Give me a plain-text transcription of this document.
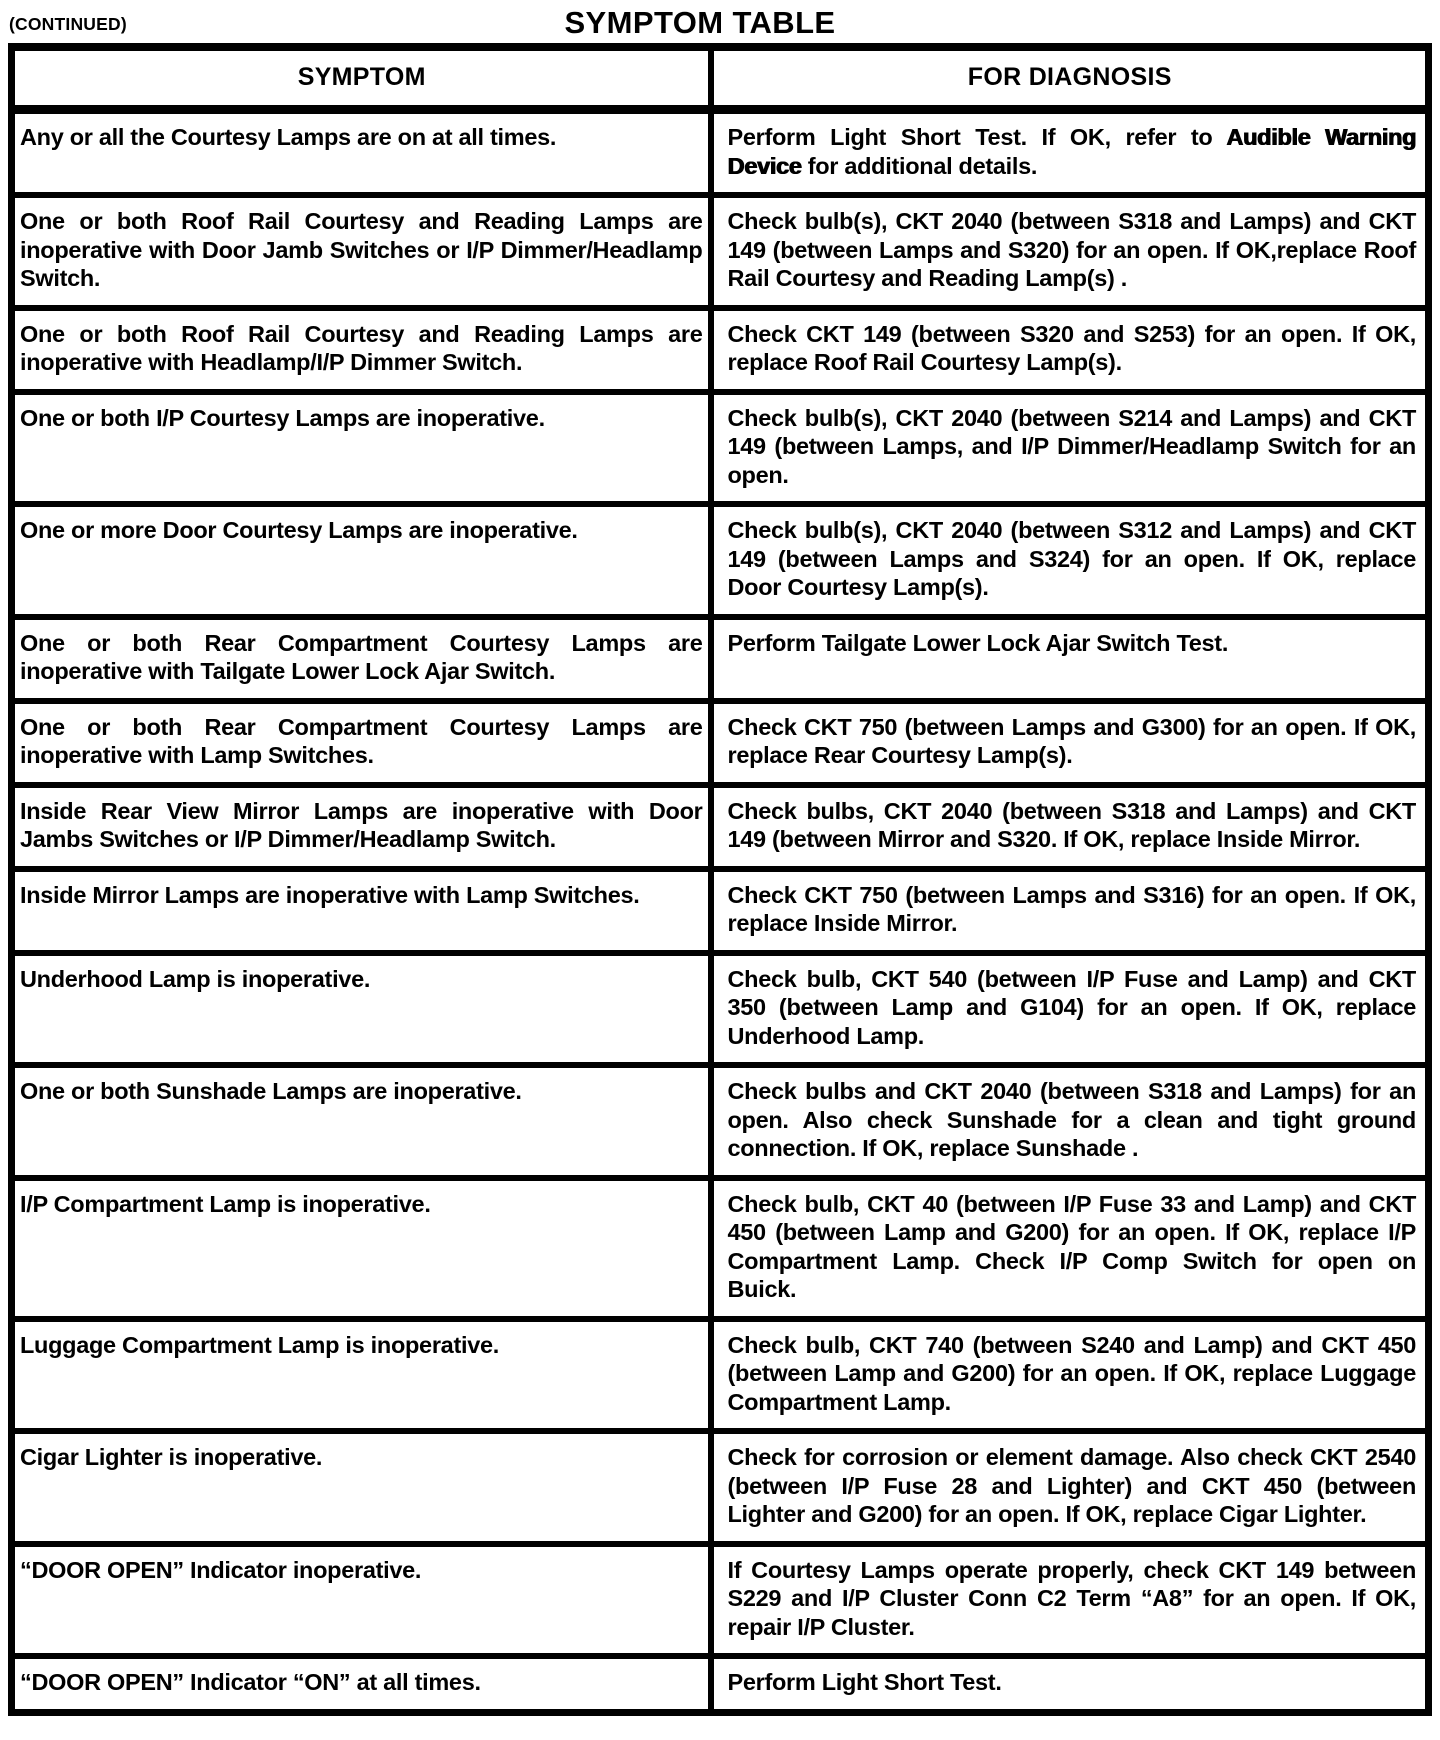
(CONTINUED)	SYMPTOM TABLE
SYMPTOM	FOR DIAGNOSIS
Any or all the Courtesy Lamps are on at all times.	Perform Light Short Test. If OK, refer to Audible Warning Device for additional details.
One or both Roof Rail Courtesy and Reading Lamps are inoperative with Door Jamb Switches or I/P Dimmer/Headlamp Switch.	Check bulb(s), CKT 2040 (between S318 and Lamps) and CKT 149 (between Lamps and S320) for an open. If OK,replace Roof Rail Courtesy and Reading Lamp(s) .
One or both Roof Rail Courtesy and Reading Lamps are inoperative with Headlamp/I/P Dimmer Switch.	Check CKT 149 (between S320 and S253) for an open. If OK, replace Roof Rail Courtesy Lamp(s).
One or both I/P Courtesy Lamps are inoperative.	Check bulb(s), CKT 2040 (between S214 and Lamps) and CKT 149 (between Lamps, and I/P Dimmer/Headlamp Switch for an open.
One or more Door Courtesy Lamps are inoperative.	Check bulb(s), CKT 2040 (between S312 and Lamps) and CKT 149 (between Lamps and S324) for an open. If OK, replace Door Courtesy Lamp(s).
One or both Rear Compartment Courtesy Lamps are inoperative with Tailgate Lower Lock Ajar Switch.	Perform Tailgate Lower Lock Ajar Switch Test.
One or both Rear Compartment Courtesy Lamps are inoperative with Lamp Switches.	Check CKT 750 (between Lamps and G300) for an open. If OK, replace Rear Courtesy Lamp(s).
Inside Rear View Mirror Lamps are inoperative with Door Jambs Switches or I/P Dimmer/Headlamp Switch.	Check bulbs, CKT 2040 (between S318 and Lamps) and CKT 149 (between Mirror and S320. If OK, replace Inside Mirror.
Inside Mirror Lamps are inoperative with Lamp Switches.	Check CKT 750 (between Lamps and S316) for an open. If OK, replace Inside Mirror.
Underhood Lamp is inoperative.	Check bulb, CKT 540 (between I/P Fuse and Lamp) and CKT 350 (between Lamp and G104) for an open. If OK, replace Underhood Lamp.
One or both Sunshade Lamps are inoperative.	Check bulbs and CKT 2040 (between S318 and Lamps) for an open. Also check Sunshade for a clean and tight ground connection. If OK, replace Sunshade .
I/P Compartment Lamp is inoperative.	Check bulb, CKT 40 (between I/P Fuse 33 and Lamp) and CKT 450 (between Lamp and G200) for an open. If OK, replace I/P Compartment Lamp. Check I/P Comp Switch for open on Buick.
Luggage Compartment Lamp is inoperative.	Check bulb, CKT 740 (between S240 and Lamp) and CKT 450 (between Lamp and G200) for an open. If OK, replace Luggage Compartment Lamp.
Cigar Lighter is inoperative.	Check for corrosion or element damage. Also check CKT 2540 (between I/P Fuse 28 and Lighter) and CKT 450 (between Lighter and G200) for an open. If OK, replace Cigar Lighter.
“DOOR OPEN” Indicator inoperative.	If Courtesy Lamps operate properly, check CKT 149 between S229 and I/P Cluster Conn C2 Term “A8” for an open. If OK, repair I/P Cluster.
“DOOR OPEN” Indicator “ON” at all times.	Perform Light Short Test.
